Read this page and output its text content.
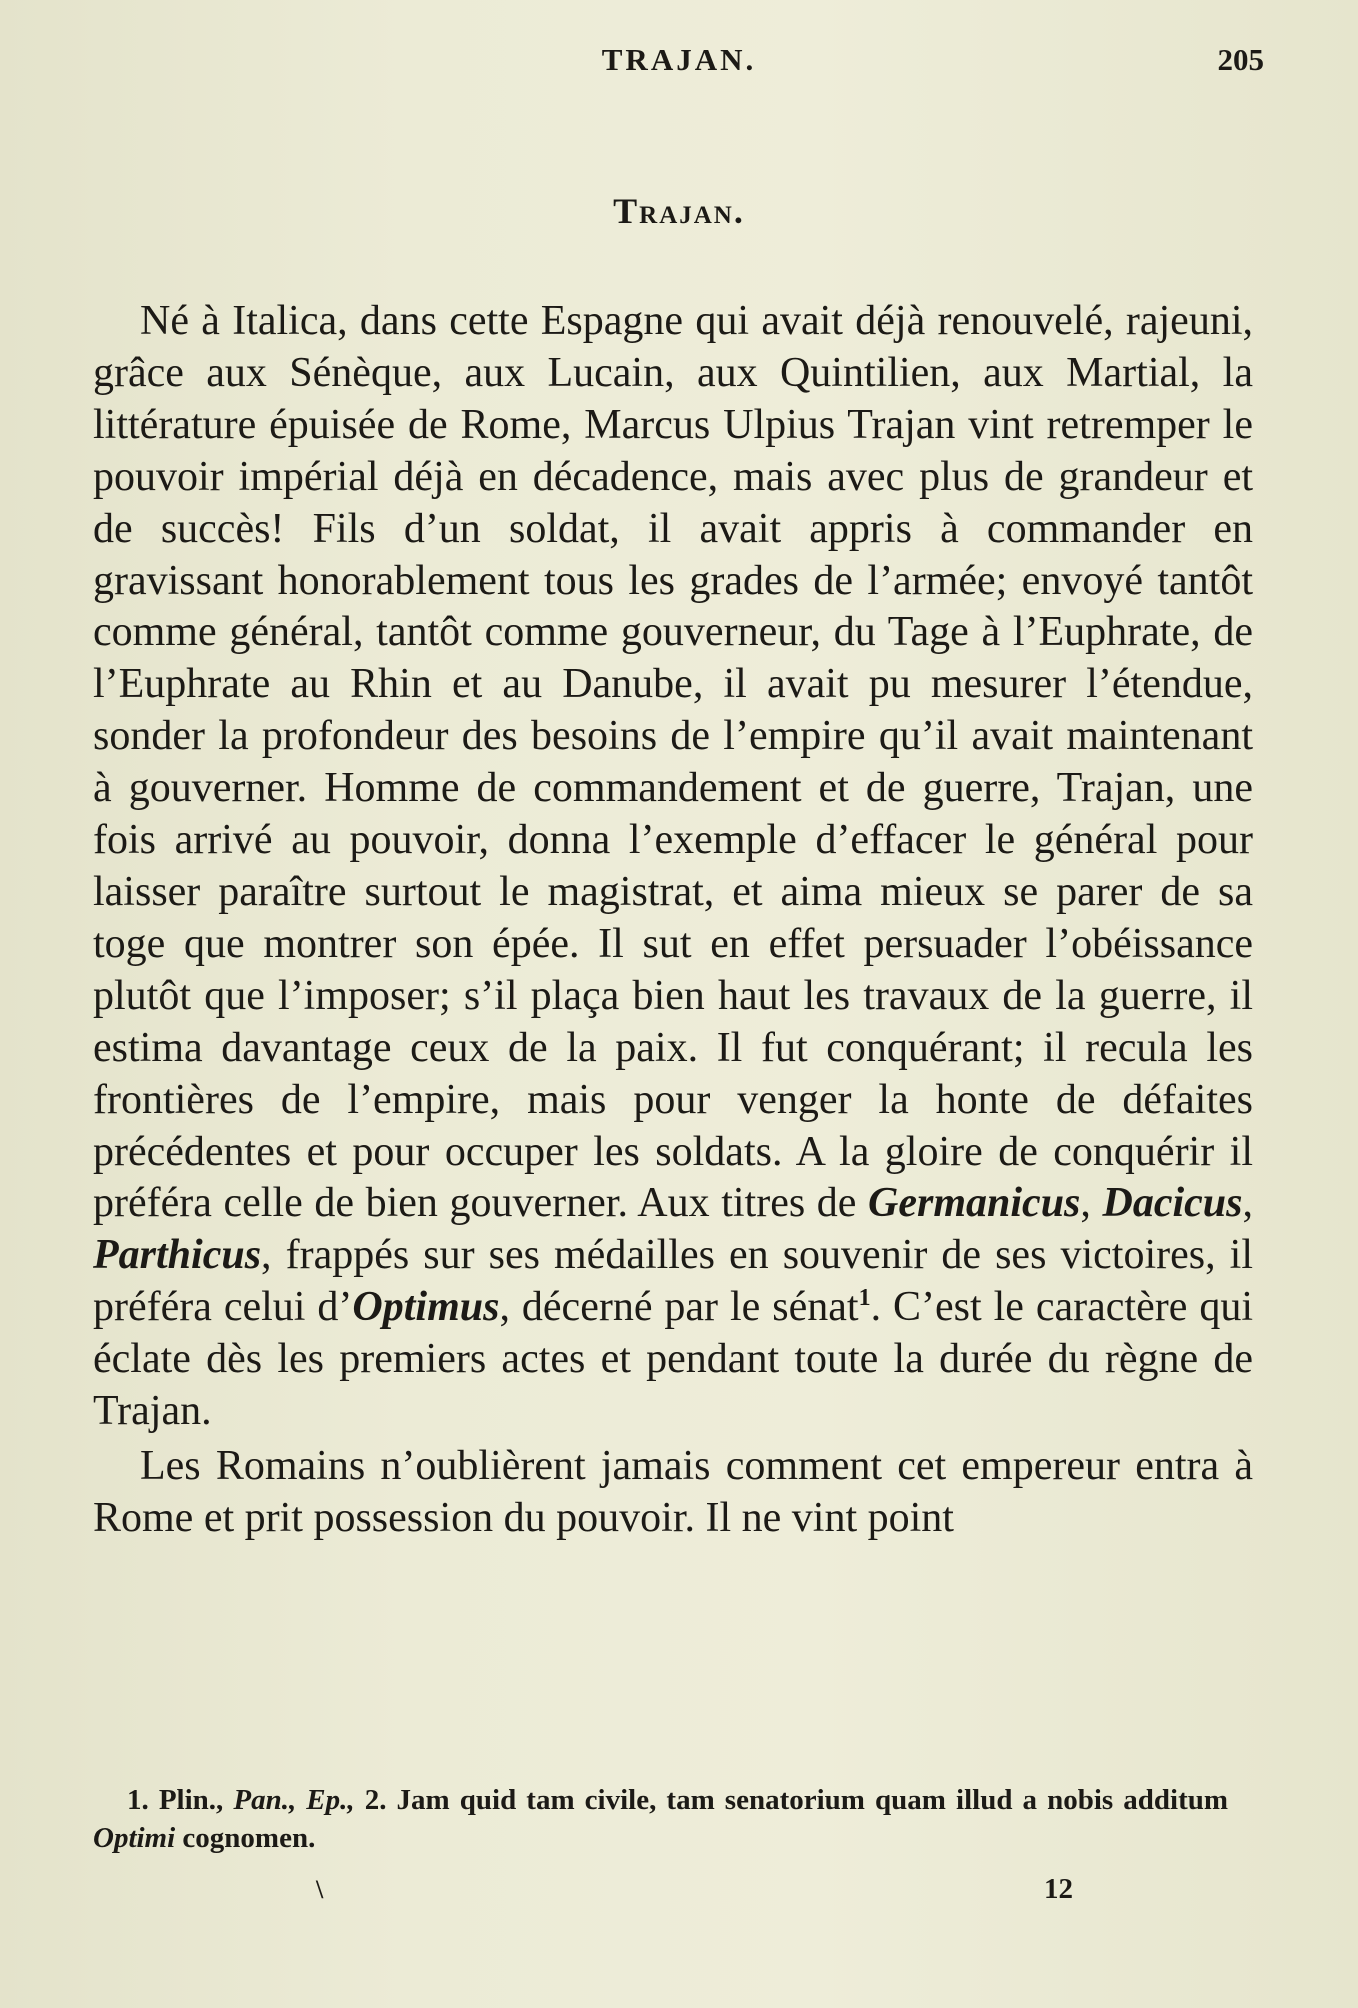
TRAJAN.	205
Trajan.

Né à Italica, dans cette Espagne qui avait déjà renouvelé, rajeuni, grâce aux Sénèque, aux Lucain, aux Quintilien, aux Martial, la littérature épuisée de Rome, Marcus Ulpius Trajan vint retremper le pouvoir impérial déjà en décadence, mais avec plus de grandeur et de succès! Fils d’un soldat, il avait appris à commander en gravissant honorablement tous les grades de l’armée; envoyé tantôt comme général, tantôt comme gouverneur, du Tage à l’Euphrate, de l’Euphrate au Rhin et au Danube, il avait pu mesurer l’étendue, sonder la profondeur des besoins de l’empire qu’il avait maintenant à gouverner. Homme de commandement et de guerre, Trajan, une fois arrivé au pouvoir, donna l’exemple d’effacer le général pour laisser paraître surtout le magistrat, et aima mieux se parer de sa toge que montrer son épée. Il sut en effet persuader l’obéissance plutôt que l’imposer; s’il plaça bien haut les travaux de la guerre, il estima davantage ceux de la paix. Il fut conquérant; il recula les frontières de l’empire, mais pour venger la honte de défaites précédentes et pour occuper les soldats. A la gloire de conquérir il préféra celle de bien gouverner. Aux titres de Germanicus, Dacicus, Parthicus, frappés sur ses médailles en souvenir de ses victoires, il préféra celui d’Optimus, décerné par le sénat$^1$. C’est le caractère qui éclate dès les premiers actes et pendant toute la durée du règne de Trajan.

Les Romains n’oublièrent jamais comment cet empereur entra à Rome et prit possession du pouvoir. Il ne vint point

1. Plin., Pan., Ep., 2. Jam quid tam civile, tam senatorium quam illud a nobis additum Optimi cognomen.

\	12
